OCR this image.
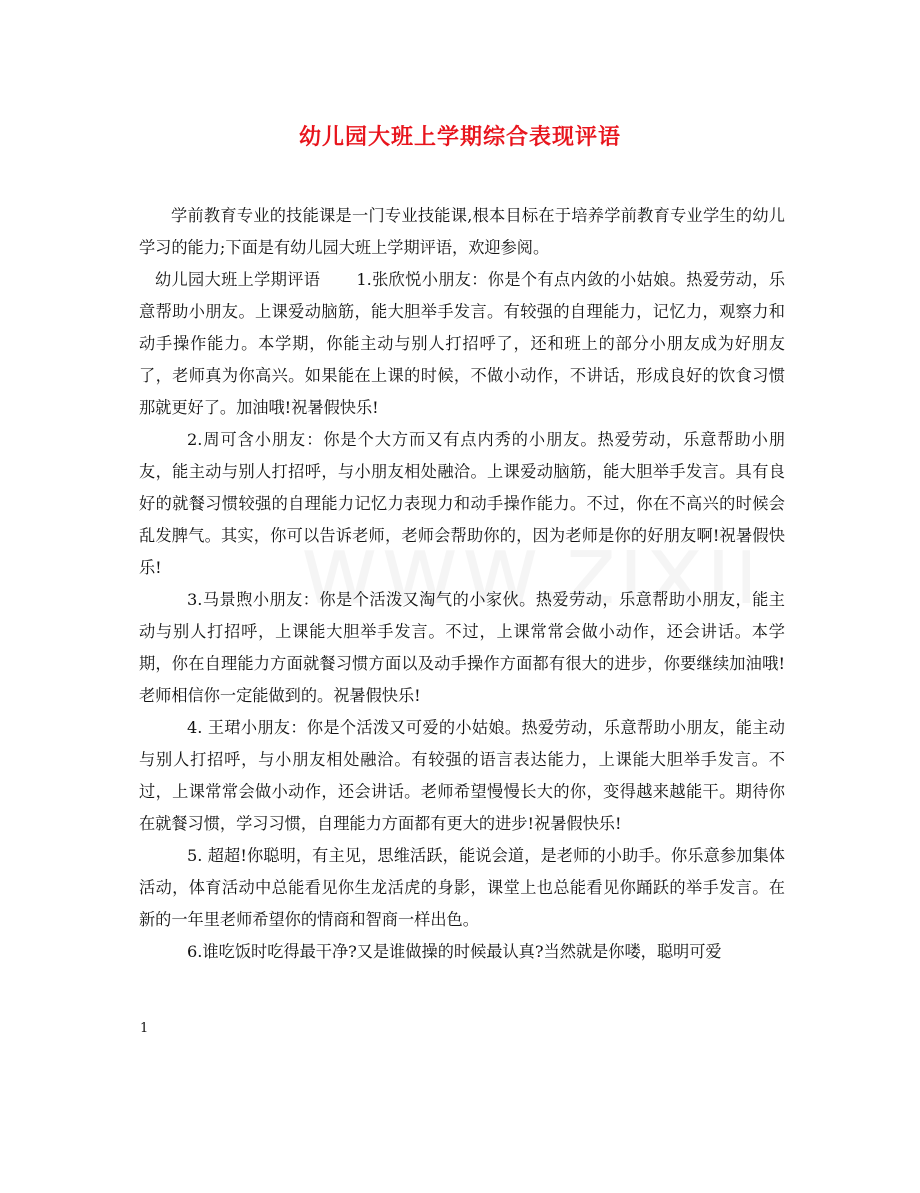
幼儿园大班上学期综合表现评语

学前教育专业的技能课是一门专业技能课,根本目标在于培养学前教育专业学生的幼儿学习的能力;下面是有幼儿园大班上学期评语，欢迎参阅。

幼儿园大班上学期评语 1.张欣悦小朋友：你是个有点内敛的小姑娘。热爱劳动，乐意帮助小朋友。上课爱动脑筋，能大胆举手发言。有较强的自理能力，记忆力，观察力和动手操作能力。本学期，你能主动与别人打招呼了，还和班上的部分小朋友成为好朋友了，老师真为你高兴。如果能在上课的时候，不做小动作，不讲话，形成良好的饮食习惯那就更好了。加油哦!祝暑假快乐!

2.周可含小朋友：你是个大方而又有点内秀的小朋友。热爱劳动，乐意帮助小朋友，能主动与别人打招呼，与小朋友相处融洽。上课爱动脑筋，能大胆举手发言。具有良好的就餐习惯较强的自理能力记忆力表现力和动手操作能力。不过，你在不高兴的时候会乱发脾气。其实，你可以告诉老师，老师会帮助你的，因为老师是你的好朋友啊!祝暑假快乐!

3.马景煦小朋友：你是个活泼又淘气的小家伙。热爱劳动，乐意帮助小朋友，能主动与别人打招呼，上课能大胆举手发言。不过，上课常常会做小动作，还会讲话。本学期，你在自理能力方面就餐习惯方面以及动手操作方面都有很大的进步，你要继续加油哦!老师相信你一定能做到的。祝暑假快乐!

4. 王珺小朋友：你是个活泼又可爱的小姑娘。热爱劳动，乐意帮助小朋友，能主动与别人打招呼，与小朋友相处融洽。有较强的语言表达能力，上课能大胆举手发言。不过，上课常常会做小动作，还会讲话。老师希望慢慢长大的你，变得越来越能干。期待你在就餐习惯，学习习惯，自理能力方面都有更大的进步!祝暑假快乐!

5. 超超!你聪明，有主见，思维活跃，能说会道，是老师的小助手。你乐意参加集体活动，体育活动中总能看见你生龙活虎的身影，课堂上也总能看见你踊跃的举手发言。在新的一年里老师希望你的情商和智商一样出色。

6.谁吃饭时吃得最干净?又是谁做操的时候最认真?当然就是你喽，聪明可爱

1
